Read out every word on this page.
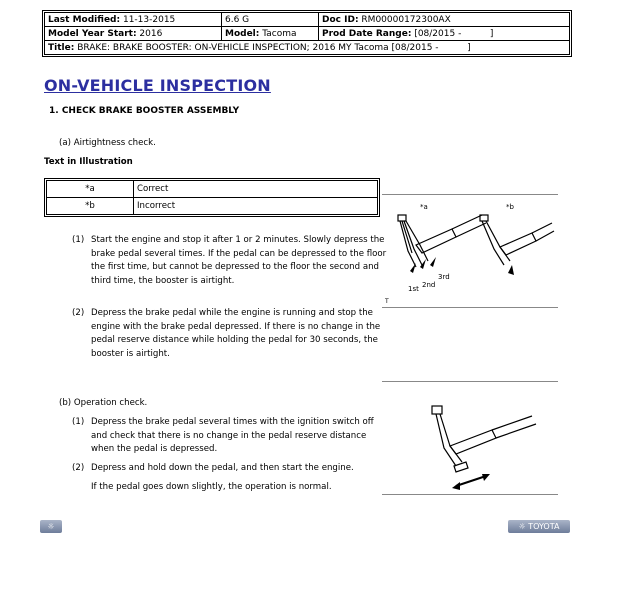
Last Modified: 11-13-2015	6.6 G	Doc ID: RM00000172300AX
Model Year Start: 2016	Model: Tacoma	Prod Date Range: [08/2015 -          ]
Title: BRAKE: BRAKE BOOSTER: ON-VEHICLE INSPECTION; 2016 MY Tacoma [08/2015 -          ]		
ON-VEHICLE INSPECTION
1. CHECK BRAKE BOOSTER ASSEMBLY
(a) Airtightness check.
Text in Illustration
*a	Correct
*b	Incorrect
(1) Start the engine and stop it after 1 or 2 minutes. Slowly depress the brake pedal several times. If the pedal can be depressed to the floor the first time, but cannot be depressed to the floor the second and third time, the booster is airtight.
(2) Depress the brake pedal while the engine is running and stop the engine with the brake pedal depressed. If there is no change in the pedal reserve distance while holding the pedal for 30 seconds, the booster is airtight.
*a	*b
1st 2nd
3rd
T
(b) Operation check.
(1) Depress the brake pedal several times with the ignition switch off and check that there is no change in the pedal reserve distance when the pedal is depressed.
(2) Depress and hold down the pedal, and then start the engine.
If the pedal goes down slightly, the operation is normal.
☼	☼ TOYOTA
